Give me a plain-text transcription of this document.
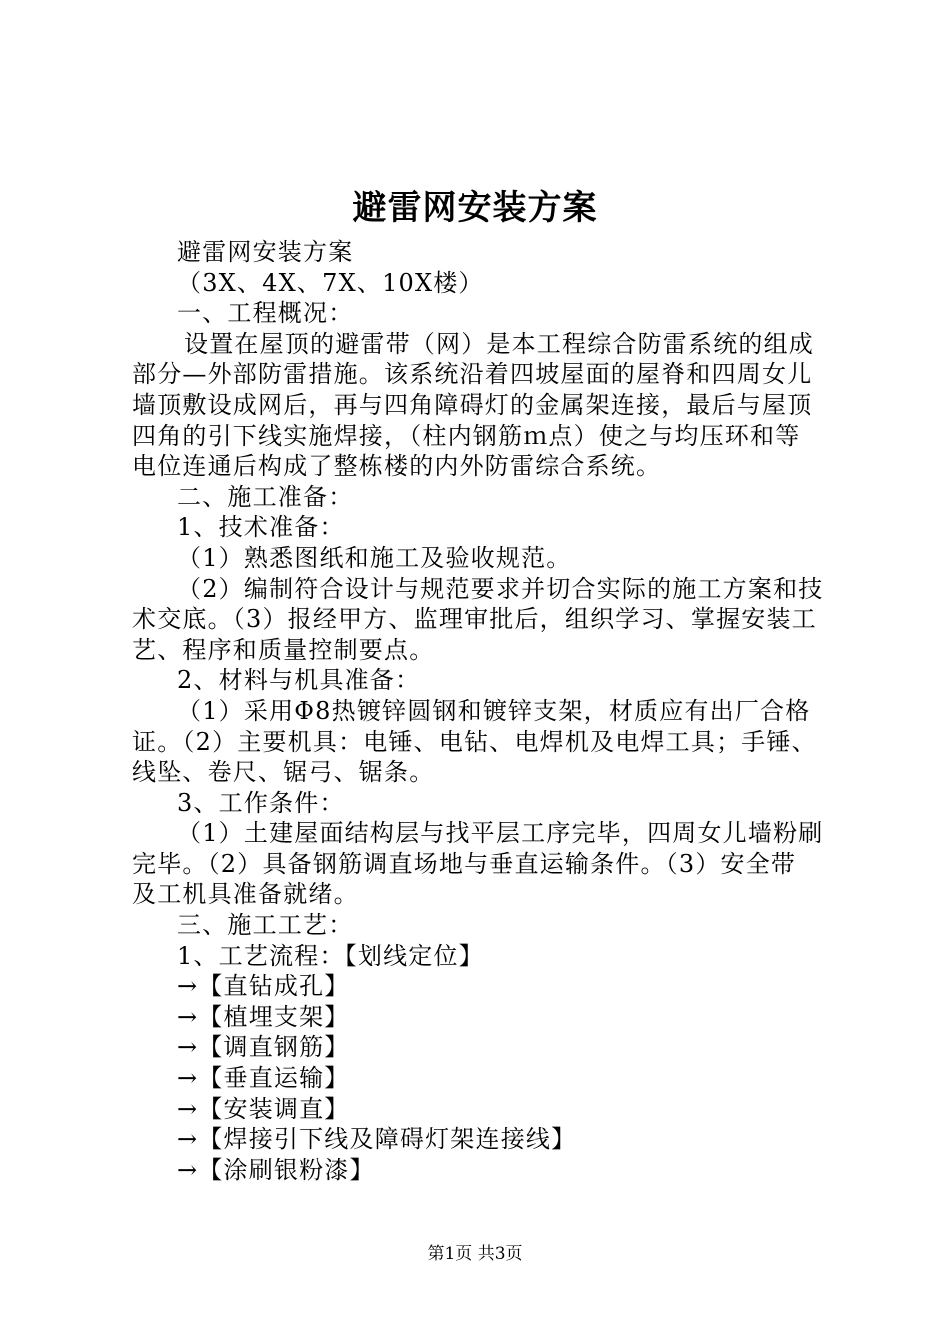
避雷网安装方案

避雷网安装方案

（3X、4X、7X、10X楼）

一、工程概况：

设置在屋顶的避雷带（网）是本工程综合防雷系统的组成

部分—外部防雷措施。该系统沿着四坡屋面的屋脊和四周女儿

墙顶敷设成网后，再与四角障碍灯的金属架连接，最后与屋顶

四角的引下线实施焊接，（柱内钢筋ｍ点）使之与均压环和等

电位连通后构成了整栋楼的内外防雷综合系统。

二、施工准备：

1、技术准备：

（1）熟悉图纸和施工及验收规范。

（2）编制符合设计与规范要求并切合实际的施工方案和技

术交底。（3）报经甲方、监理审批后，组织学习、掌握安装工

艺、程序和质量控制要点。

2、材料与机具准备：

（1）采用Φ8热镀锌圆钢和镀锌支架，材质应有出厂合格

证。（2）主要机具：电锤、电钻、电焊机及电焊工具；手锤、

线坠、卷尺、锯弓、锯条。

3、工作条件：

（1）土建屋面结构层与找平层工序完毕，四周女儿墙粉刷

完毕。（2）具备钢筋调直场地与垂直运输条件。（3）安全带

及工机具准备就绪。

三、施工工艺：

1、工艺流程：【划线定位】

→【直钻成孔】

→【植埋支架】

→【调直钢筋】

→【垂直运输】

→【安装调直】

→【焊接引下线及障碍灯架连接线】

→【涂刷银粉漆】

第1页 共3页
